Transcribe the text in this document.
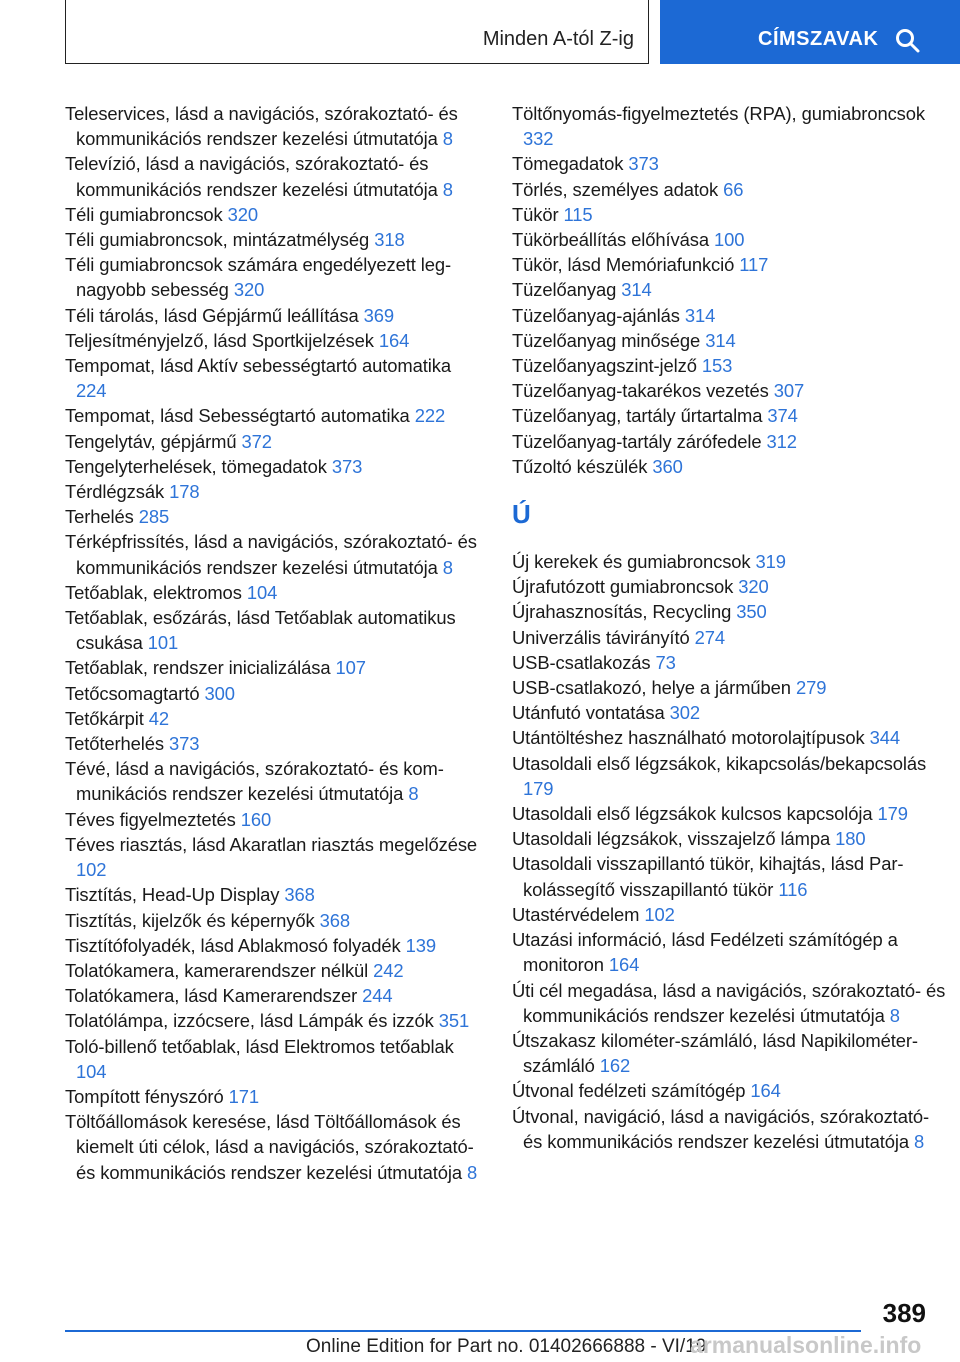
Minden A-tól Z-ig	CÍMSZAVAK
Teleservices, lásd a navigációs, szórakoztató- és kommunikációs rendszer kezelési útmutatója 8
Televízió, lásd a navigációs, szórakoztató- és kommunikációs rendszer kezelési útmutatója 8
Téli gumiabroncsok 320
Téli gumiabroncsok, mintázatmélység 318
Téli gumiabroncsok számára engedélyezett legnagyobb sebesség 320
Téli tárolás, lásd Gépjármű leállítása 369
Teljesítményjelző, lásd Sportkijelzések 164
Tempomat, lásd Aktív sebességtartó automatika 224
Tempomat, lásd Sebességtartó automatika 222
Tengelytáv, gépjármű 372
Tengelyterhelések, tömegadatok 373
Térdlégzsák 178
Terhelés 285
Térképfrissítés, lásd a navigációs, szórakoztató- és kommunikációs rendszer kezelési útmutatója 8
Tetőablak, elektromos 104
Tetőablak, esőzárás, lásd Tetőablak automatikus csukása 101
Tetőablak, rendszer inicializálása 107
Tetőcsomagtartó 300
Tetőkárpit 42
Tetőterhelés 373
Tévé, lásd a navigációs, szórakoztató- és kommunikációs rendszer kezelési útmutatója 8
Téves figyelmeztetés 160
Téves riasztás, lásd Akaratlan riasztás megelőzése 102
Tisztítás, Head-Up Display 368
Tisztítás, kijelzők és képernyők 368
Tisztítófolyadék, lásd Ablakmosó folyadék 139
Tolatókamera, kamerarendszer nélkül 242
Tolatókamera, lásd Kamerarendszer 244
Tolatólámpa, izzócsere, lásd Lámpák és izzók 351
Toló-billenő tetőablak, lásd Elektromos tetőablak 104
Tompított fényszóró 171
Töltőállomások keresése, lásd Töltőállomások és kiemelt úti célok, lásd a navigációs, szórakoztató- és kommunikációs rendszer kezelési útmutatója 8
Töltőnyomás-figyelmeztetés (RPA), gumiabroncsok 332
Tömegadatok 373
Törlés, személyes adatok 66
Tükör 115
Tükörbeállítás előhívása 100
Tükör, lásd Memóriafunkció 117
Tüzelőanyag 314
Tüzelőanyag-ajánlás 314
Tüzelőanyag minősége 314
Tüzelőanyagszint-jelző 153
Tüzelőanyag-takarékos vezetés 307
Tüzelőanyag, tartály űrtartalma 374
Tüzelőanyag-tartály zárófedele 312
Tűzoltó készülék 360
Ú
Új kerekek és gumiabroncsok 319
Újrafutózott gumiabroncsok 320
Újrahasznosítás, Recycling 350
Univerzális távirányító 274
USB-csatlakozás 73
USB-csatlakozó, helye a járműben 279
Utánfutó vontatása 302
Utántöltéshez használható motorolajtípusok 344
Utasoldali első légzsákok, kikapcsolás/bekapcsolás 179
Utasoldali első légzsákok kulcsos kapcsolója 179
Utasoldali légzsákok, visszajelző lámpa 180
Utasoldali visszapillantó tükör, kihajtás, lásd Parkolássegítő visszapillantó tükör 116
Utastérvédelem 102
Utazási információ, lásd Fedélzeti számítógép a monitoron 164
Úti cél megadása, lásd a navigációs, szórakoztató- és kommunikációs rendszer kezelési útmutatója 8
Útszakasz kilométer-számláló, lásd Napikilométer-számláló 162
Útvonal fedélzeti számítógép 164
Útvonal, navigáció, lásd a navigációs, szórakoztató- és kommunikációs rendszer kezelési útmutatója 8
389
Online Edition for Part no. 01402666888 - VI/19
armanualsonline.info
